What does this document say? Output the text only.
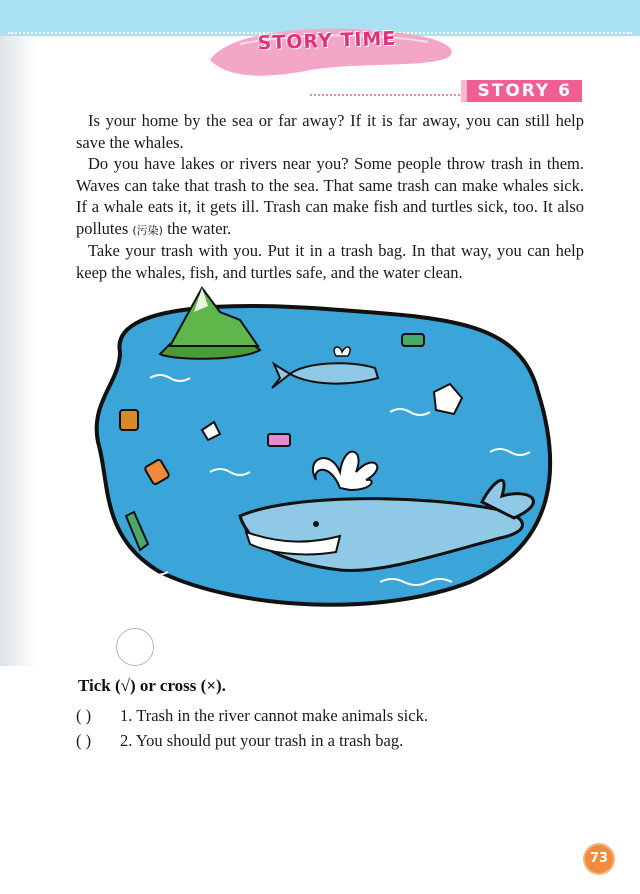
STORY TIME
STORY 6

Is your home by the sea or far away? If it is far away, you can still help save the whales.

Do you have lakes or rivers near you? Some people throw trash in them. Waves can take that trash to the sea. That same trash can make whales sick. If a whale eats it, it gets ill. Trash can make fish and turtles sick, too. It also pollutes (污染) the water.

Take your trash with you. Put it in a trash bag. In that way, you can help keep the whales, fish, and turtles safe, and the water clean.

Tick (√) or cross (×).
( ) 1. Trash in the river cannot make animals sick.
( ) 2. You should put your trash in a trash bag.
73
